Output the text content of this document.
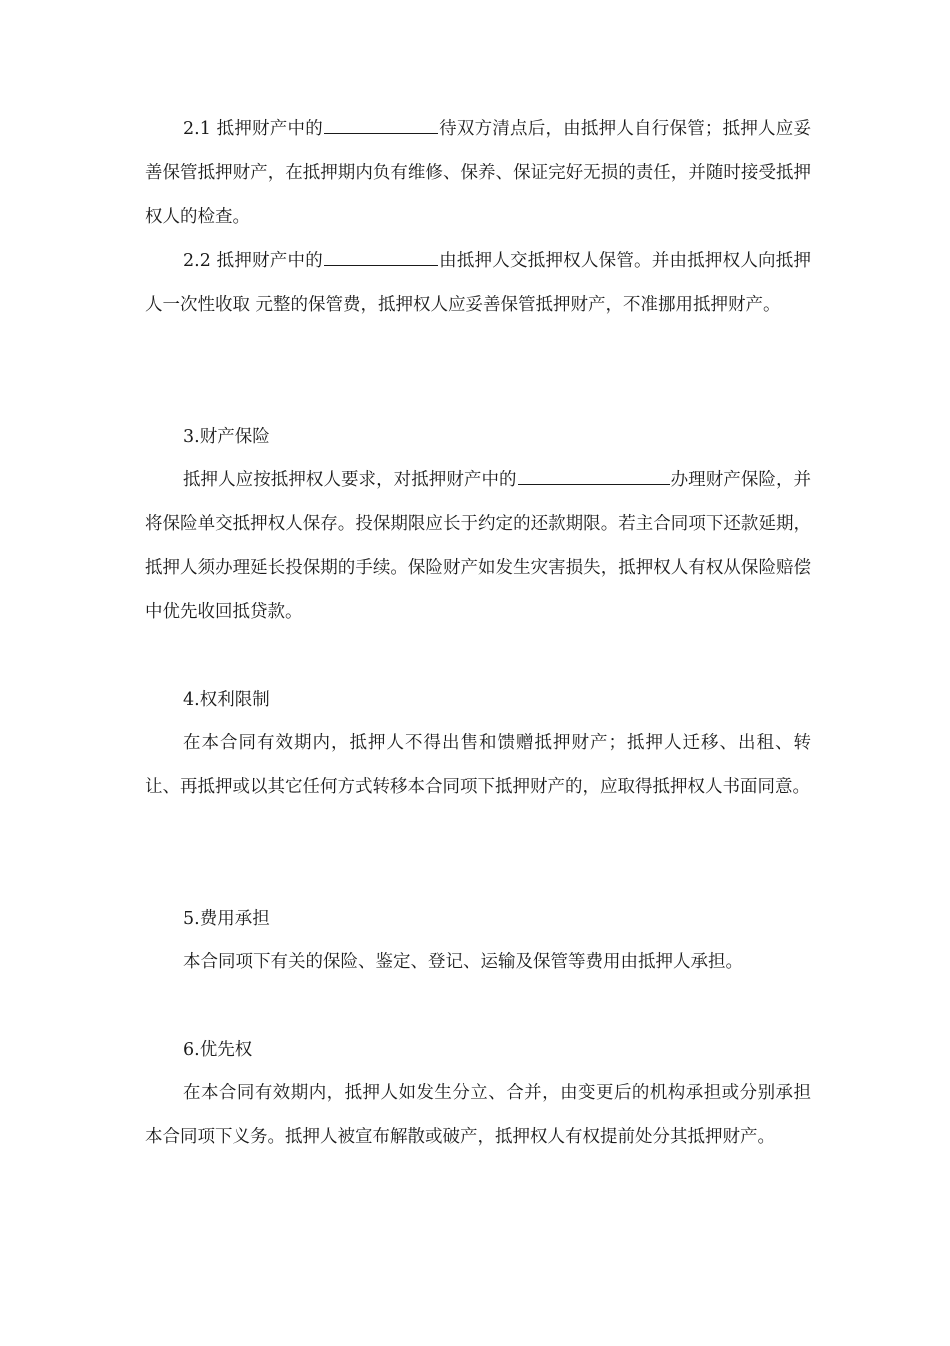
2.1 抵押财产中的	待双方清点后，由抵押人自行保管；抵押人应妥善保管抵押财产，在抵押期内负有维修、保养、保证完好无损的责任，并随时接受抵押权人的检查。

2.2 抵押财产中的	由抵押人交抵押权人保管。并由抵押权人向抵押人一次性收取 元整的保管费，抵押权人应妥善保管抵押财产，不准挪用抵押财产。

3.财产保险

抵押人应按抵押权人要求，对抵押财产中的	办理财产保险，并将保险单交抵押权人保存。投保期限应长于约定的还款期限。若主合同项下还款延期，抵押人须办理延长投保期的手续。保险财产如发生灾害损失，抵押权人有权从保险赔偿中优先收回抵贷款。

4.权利限制

在本合同有效期内，抵押人不得出售和馈赠抵押财产；抵押人迁移、出租、转让、再抵押或以其它任何方式转移本合同项下抵押财产的，应取得抵押权人书面同意。

5.费用承担

本合同项下有关的保险、鉴定、登记、运输及保管等费用由抵押人承担。

6.优先权

在本合同有效期内，抵押人如发生分立、合并，由变更后的机构承担或分别承担本合同项下义务。抵押人被宣布解散或破产，抵押权人有权提前处分其抵押财产。
